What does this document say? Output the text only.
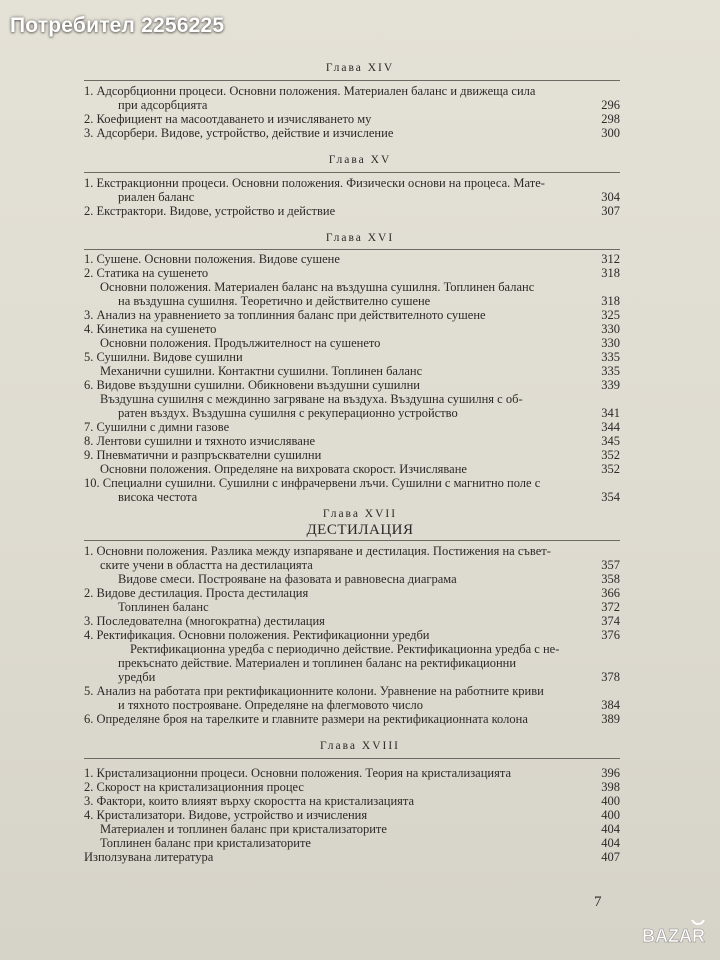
Потребител 2256225
Глава XIV
1. Адсорбционни процеси. Основни положения. Материален баланс и движеща сила
при адсорбцията	296
2. Коефициент на масоотдаването и изчисляването му	298
3. Адсорбери. Видове, устройство, действие и изчисление	300
Глава XV
1. Екстракционни процеси. Основни положения. Физически основи на процеса. Мате-
риален баланс	304
2. Екстрактори. Видове, устройство и действие	307
Глава XVI
1. Сушене. Основни положения. Видове сушене	312
2. Статика на сушенето	318
Основни положения. Материален баланс на въздушна сушилня. Топлинен баланс
на въздушна сушилня. Теоретично и действително сушене	318
3. Анализ на уравнението за топлинния баланс при действителното сушене	325
4. Кинетика на сушенето	330
Основни положения. Продължителност на сушенето	330
5. Сушилни. Видове сушилни	335
Механични сушилни. Контактни сушилни. Топлинен баланс	335
6. Видове въздушни сушилни. Обикновени въздушни сушилни	339
Въздушна сушилня с междинно загряване на въздуха. Въздушна сушилня с об-
ратен въздух. Въздушна сушилня с рекуперационно устройство	341
7. Сушилни с димни газове	344
8. Лентови сушилни и тяхното изчисляване	345
9. Пневматични и разпръсквателни сушилни	352
Основни положения. Определяне на вихровата скорост. Изчисляване	352
10. Специални сушилни. Сушилни с инфрачервени лъчи. Сушилни с магнитно поле с
висока честота	354
Глава XVII
ДЕСТИЛАЦИЯ
1. Основни положения. Разлика между изпаряване и дестилация. Постижения на съвет-
ските учени в областта на дестилацията	357
Видове смеси. Построяване на фазовата и равновесна диаграма	358
2. Видове дестилация. Проста дестилация	366
Топлинен баланс	372
3. Последователна (многократна) дестилация	374
4. Ректификация. Основни положения. Ректификационни уредби	376
Ректификационна уредба с периодично действие. Ректификационна уредба с не-
прекъснато действие. Материален и топлинен баланс на ректификационни
уредби	378
5. Анализ на работата при ректификационните колони. Уравнение на работните криви
и тяхното построяване. Определяне на флегмовото число	384
6. Определяне броя на тарелките и главните размери на ректификационната колона	389
Глава XVIII
1. Кристализационни процеси. Основни положения. Теория на кристализацията	396
2. Скорост на кристализационния процес	398
3. Фактори, които влияят върху скоростта на кристализацията	400
4. Кристализатори. Видове, устройство и изчисления	400
Материален и топлинен баланс при кристализаторите	404
Топлинен баланс при кристализаторите	404
Използувана литература	407
7
BAZAR
